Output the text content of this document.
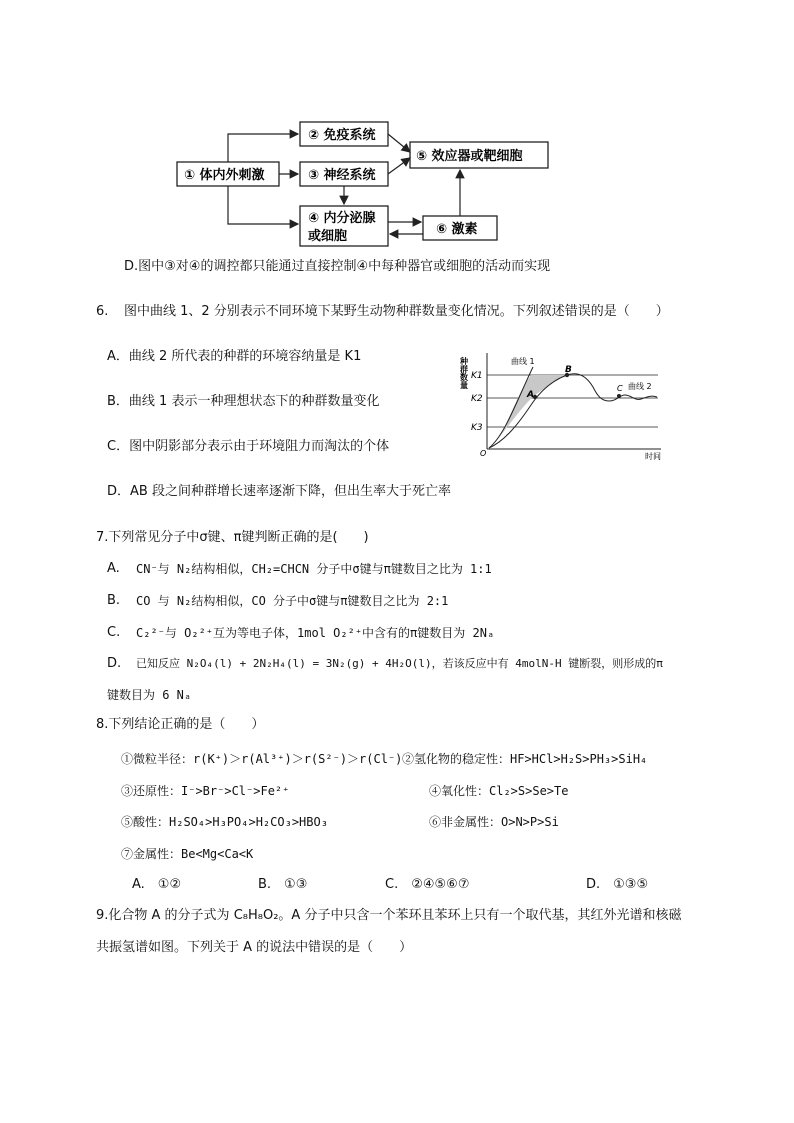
① 体内外刺激
② 免疫系统
③ 神经系统
④ 内分泌腺
或细胞
⑤ 效应器或靶细胞
⑥ 激素
D.图中③对④的调控都只能通过直接控制④中每种器官或细胞的活动而实现
6. 图中曲线 1、2 分别表示不同环境下某野生动物种群数量变化情况。下列叙述错误的是（　　）
A．曲线 2 所代表的种群的环境容纳量是 K1
B．曲线 1 表示一种理想状态下的种群数量变化
C．图中阴影部分表示由于环境阻力而淘汰的个体
D．AB 段之间种群增长速率逐渐下降，但出生率大于死亡率
种群数量 K1
K2
K3
O	时间
A
B
C
曲线 1
曲线 2
7.下列常见分子中σ键、π键判断正确的是(　　)
A. CN⁻与 N₂结构相似，CH₂=CHCN 分子中σ键与π键数目之比为 1:1
B. CO 与 N₂结构相似，CO 分子中σ键与π键数目之比为 2:1
C. C₂²⁻与 O₂²⁺互为等电子体，1mol O₂²⁺中含有的π键数目为 2Nₐ
D. 已知反应 N₂O₄(l) + 2N₂H₄(l) = 3N₂(g) + 4H₂O(l)，若该反应中有 4molN-H 键断裂，则形成的π
键数目为 6 Nₐ
8.下列结论正确的是（　　）
①微粒半径：r(K⁺)＞r(Al³⁺)＞r(S²⁻)＞r(Cl⁻) ②氢化物的稳定性：HF>HCl>H₂S>PH₃>SiH₄
③还原性：I⁻>Br⁻>Cl⁻>Fe²⁺	④氧化性：Cl₂>S>Se>Te
⑤酸性：H₂SO₄>H₃PO₄>H₂CO₃>HBO₃	⑥非金属性：O>N>P>Si
⑦金属性：Be<Mg<Ca<K
A.　①②	B.　①③	C.　②④⑤⑥⑦	D.　①③⑤
9.化合物 A 的分子式为 C₈H₈O₂。A 分子中只含一个苯环且苯环上只有一个取代基，其红外光谱和核磁
共振氢谱如图。下列关于 A 的说法中错误的是（　　）
